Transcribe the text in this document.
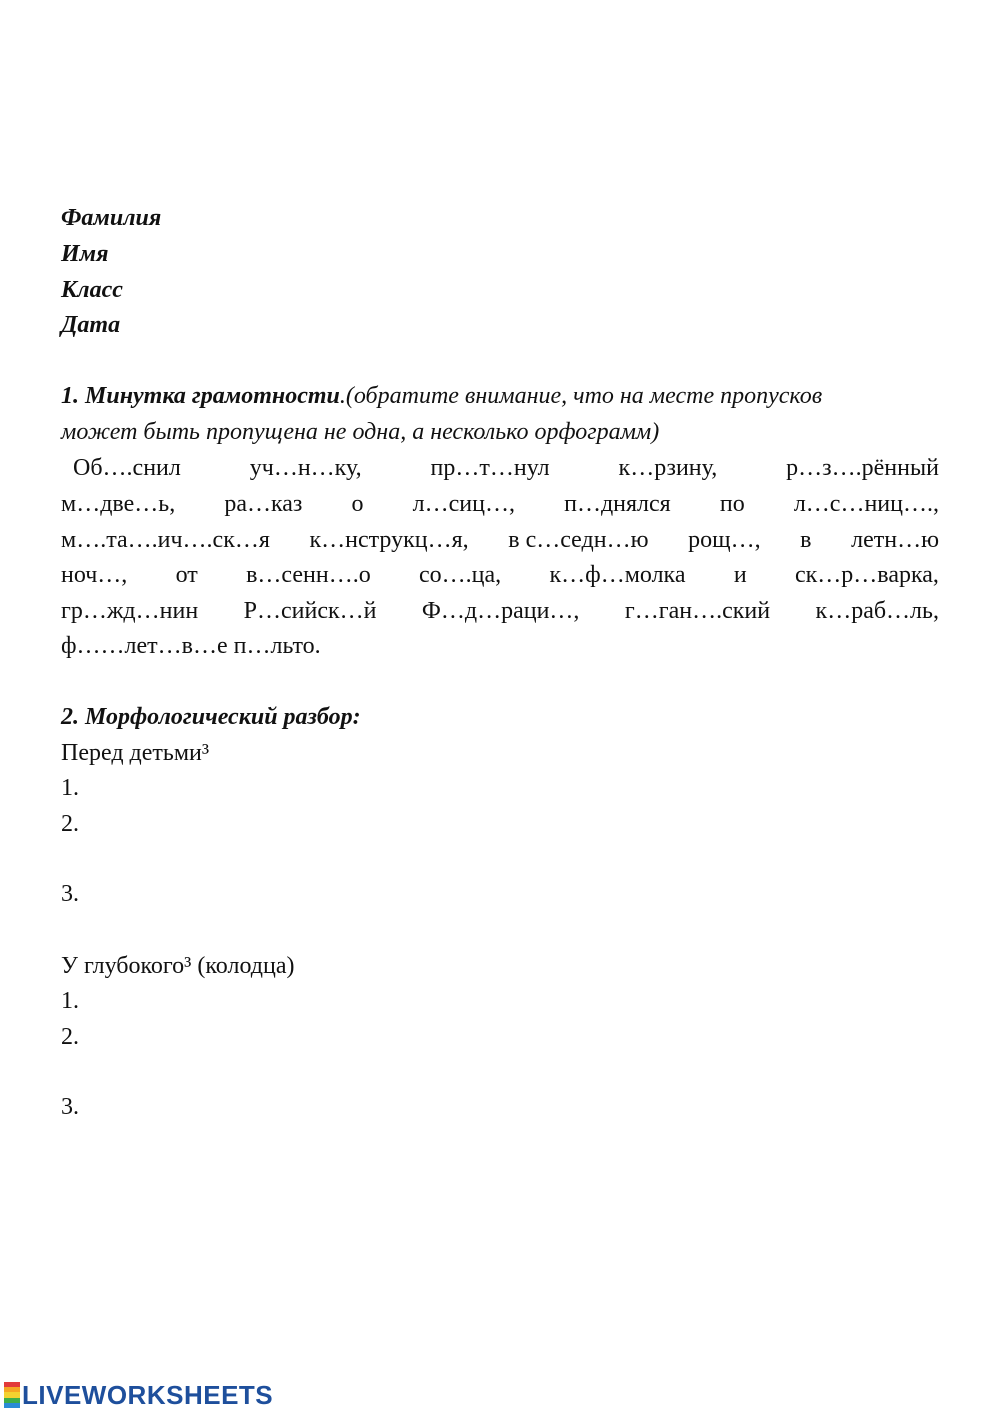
Фамилия
Имя
Класс
Дата
1. Минутка грамотности.(обратите внимание, что на месте пропусков
может быть пропущена не одна, а несколько орфограмм)
Об….снил	уч…н…ку,	пр…т…нул	к…рзину,	р…з….рённый
м…две…ь, ра…каз о л…сиц…, п…днялся по л…с…ниц….,
м….та….ич….ск…я к…нструкц…я, в с…седн…ю рощ…, в летн…ю
ноч…, от в…сенн….о со….ца, к…ф…молка и ск…р…варка,
гр…жд…нин Р…сийск…й Ф…д…раци…, г…ган….ский к…раб…ль,
ф……лет…в…е п…льто.
2. Морфологический разбор:
Перед детьми³
1.
2.
3.
У глубокого³ (колодца)
1.
2.
3.
LIVEWORKSHEETS
